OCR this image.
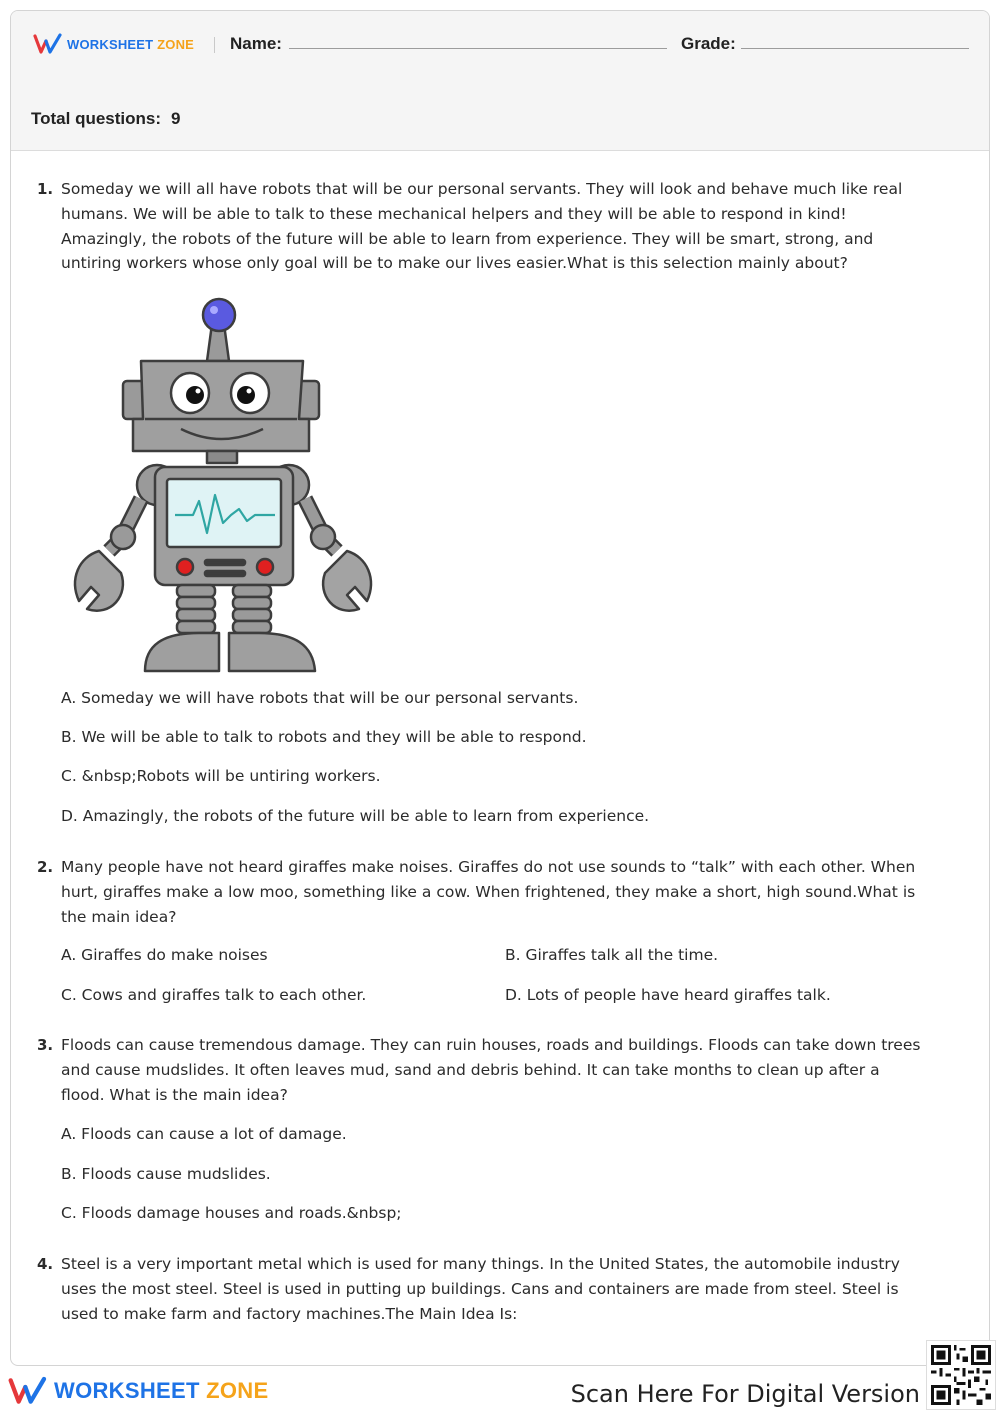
WORKSHEET ZONE Name:	Grade:
Total questions: 9
1. Someday we will all have robots that will be our personal servants. They will look and behave much like real
humans. We will be able to talk to these mechanical helpers and they will be able to respond in kind!
Amazingly, the robots of the future will be able to learn from experience. They will be smart, strong, and
untiring workers whose only goal will be to make our lives easier.What is this selection mainly about?
A. Someday we will have robots that will be our personal servants.
B. We will be able to talk to robots and they will be able to respond.
C. &nbsp;Robots will be untiring workers.
D. Amazingly, the robots of the future will be able to learn from experience.
2. Many people have not heard giraffes make noises. Giraffes do not use sounds to “talk” with each other. When
hurt, giraffes make a low moo, something like a cow. When frightened, they make a short, high sound.What is
the main idea?
A. Giraffes do make noises	B. Giraffes talk all the time.
C. Cows and giraffes talk to each other.	D. Lots of people have heard giraffes talk.
3. Floods can cause tremendous damage. They can ruin houses, roads and buildings. Floods can take down trees
and cause mudslides. It often leaves mud, sand and debris behind. It can take months to clean up after a
flood. What is the main idea?
A. Floods can cause a lot of damage.
B. Floods cause mudslides.
C. Floods damage houses and roads.&nbsp;
4. Steel is a very important metal which is used for many things. In the United States, the automobile industry
uses the most steel. Steel is used in putting up buildings. Cans and containers are made from steel. Steel is
used to make farm and factory machines.The Main Idea Is:
WORKSHEET ZONE	Scan Here For Digital Version
